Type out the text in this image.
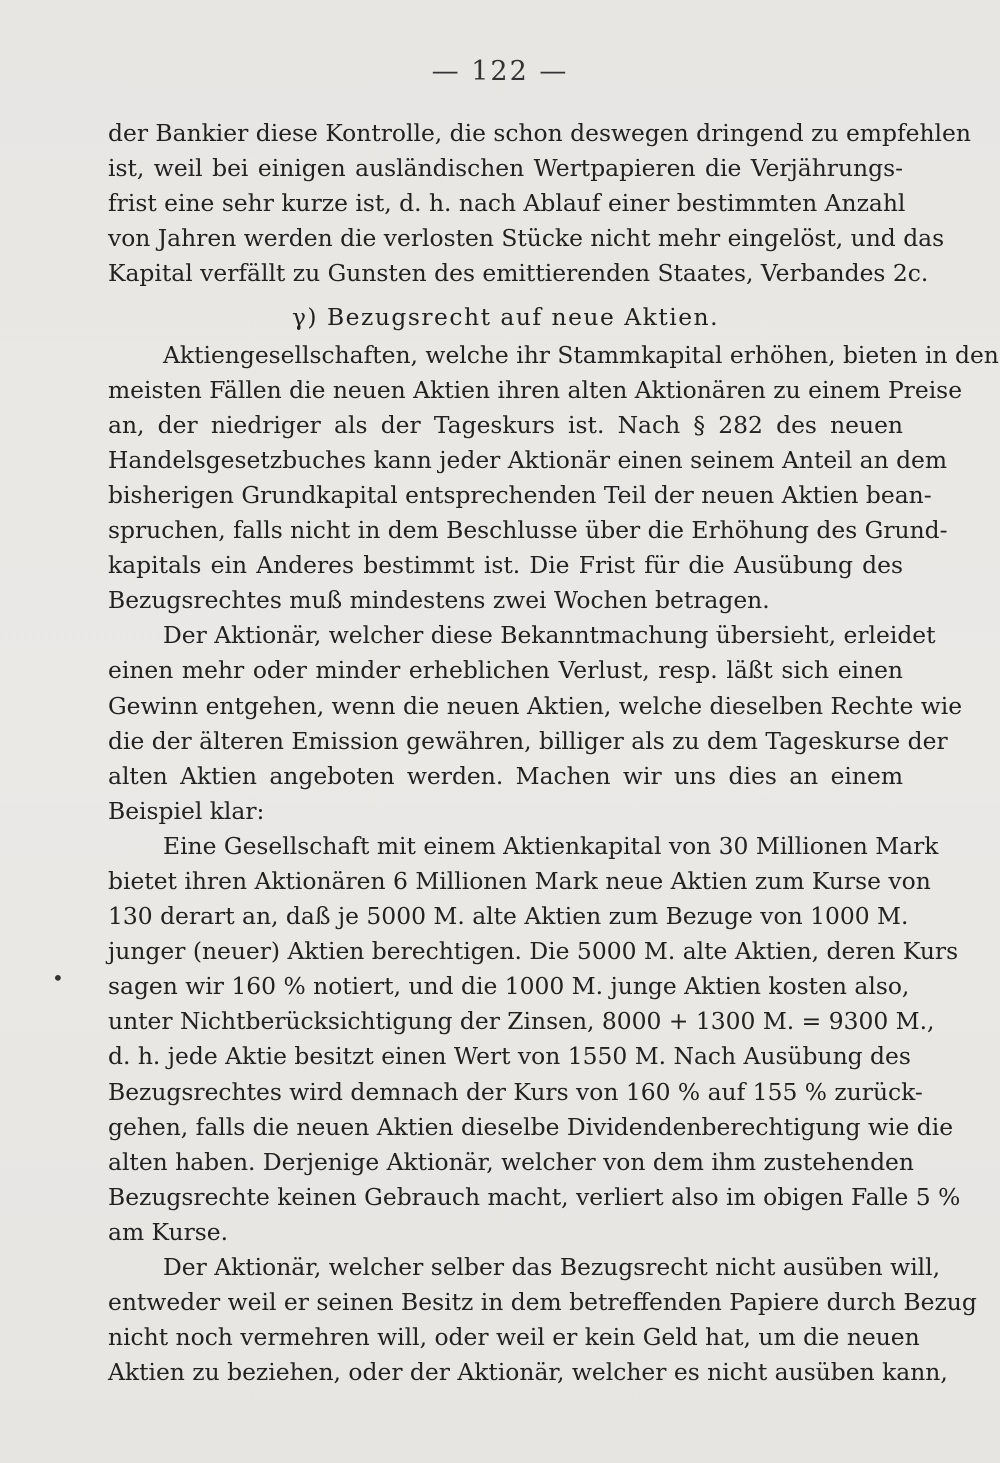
— 122 —
•
der Bankier diese Kontrolle, die schon deswegen dringend zu empfehlen
ist, weil bei einigen ausländischen Wertpapieren die Verjährungs-
frist eine sehr kurze ist, d. h. nach Ablauf einer bestimmten Anzahl
von Jahren werden die verlosten Stücke nicht mehr eingelöst, und das
Kapital verfällt zu Gunsten des emittierenden Staates, Verbandes 2c.
γ) Bezugsrecht auf neue Aktien.
Aktiengesellschaften, welche ihr Stammkapital erhöhen, bieten in den
meisten Fällen die neuen Aktien ihren alten Aktionären zu einem Preise
an, der niedriger als der Tageskurs ist. Nach § 282 des neuen
Handelsgesetzbuches kann jeder Aktionär einen seinem Anteil an dem
bisherigen Grundkapital entsprechenden Teil der neuen Aktien bean-
spruchen, falls nicht in dem Beschlusse über die Erhöhung des Grund-
kapitals ein Anderes bestimmt ist. Die Frist für die Ausübung des
Bezugsrechtes muß mindestens zwei Wochen betragen.
Der Aktionär, welcher diese Bekanntmachung übersieht, erleidet
einen mehr oder minder erheblichen Verlust, resp. läßt sich einen
Gewinn entgehen, wenn die neuen Aktien, welche dieselben Rechte wie
die der älteren Emission gewähren, billiger als zu dem Tageskurse der
alten Aktien angeboten werden. Machen wir uns dies an einem
Beispiel klar:
Eine Gesellschaft mit einem Aktienkapital von 30 Millionen Mark
bietet ihren Aktionären 6 Millionen Mark neue Aktien zum Kurse von
130 derart an, daß je 5000 M. alte Aktien zum Bezuge von 1000 M.
junger (neuer) Aktien berechtigen. Die 5000 M. alte Aktien, deren Kurs
sagen wir 160 % notiert, und die 1000 M. junge Aktien kosten also,
unter Nichtberücksichtigung der Zinsen, 8000 + 1300 M. = 9300 M.,
d. h. jede Aktie besitzt einen Wert von 1550 M. Nach Ausübung des
Bezugsrechtes wird demnach der Kurs von 160 % auf 155 % zurück-
gehen, falls die neuen Aktien dieselbe Dividendenberechtigung wie die
alten haben. Derjenige Aktionär, welcher von dem ihm zustehenden
Bezugsrechte keinen Gebrauch macht, verliert also im obigen Falle 5 %
am Kurse.
Der Aktionär, welcher selber das Bezugsrecht nicht ausüben will,
entweder weil er seinen Besitz in dem betreffenden Papiere durch Bezug
nicht noch vermehren will, oder weil er kein Geld hat, um die neuen
Aktien zu beziehen, oder der Aktionär, welcher es nicht ausüben kann,
